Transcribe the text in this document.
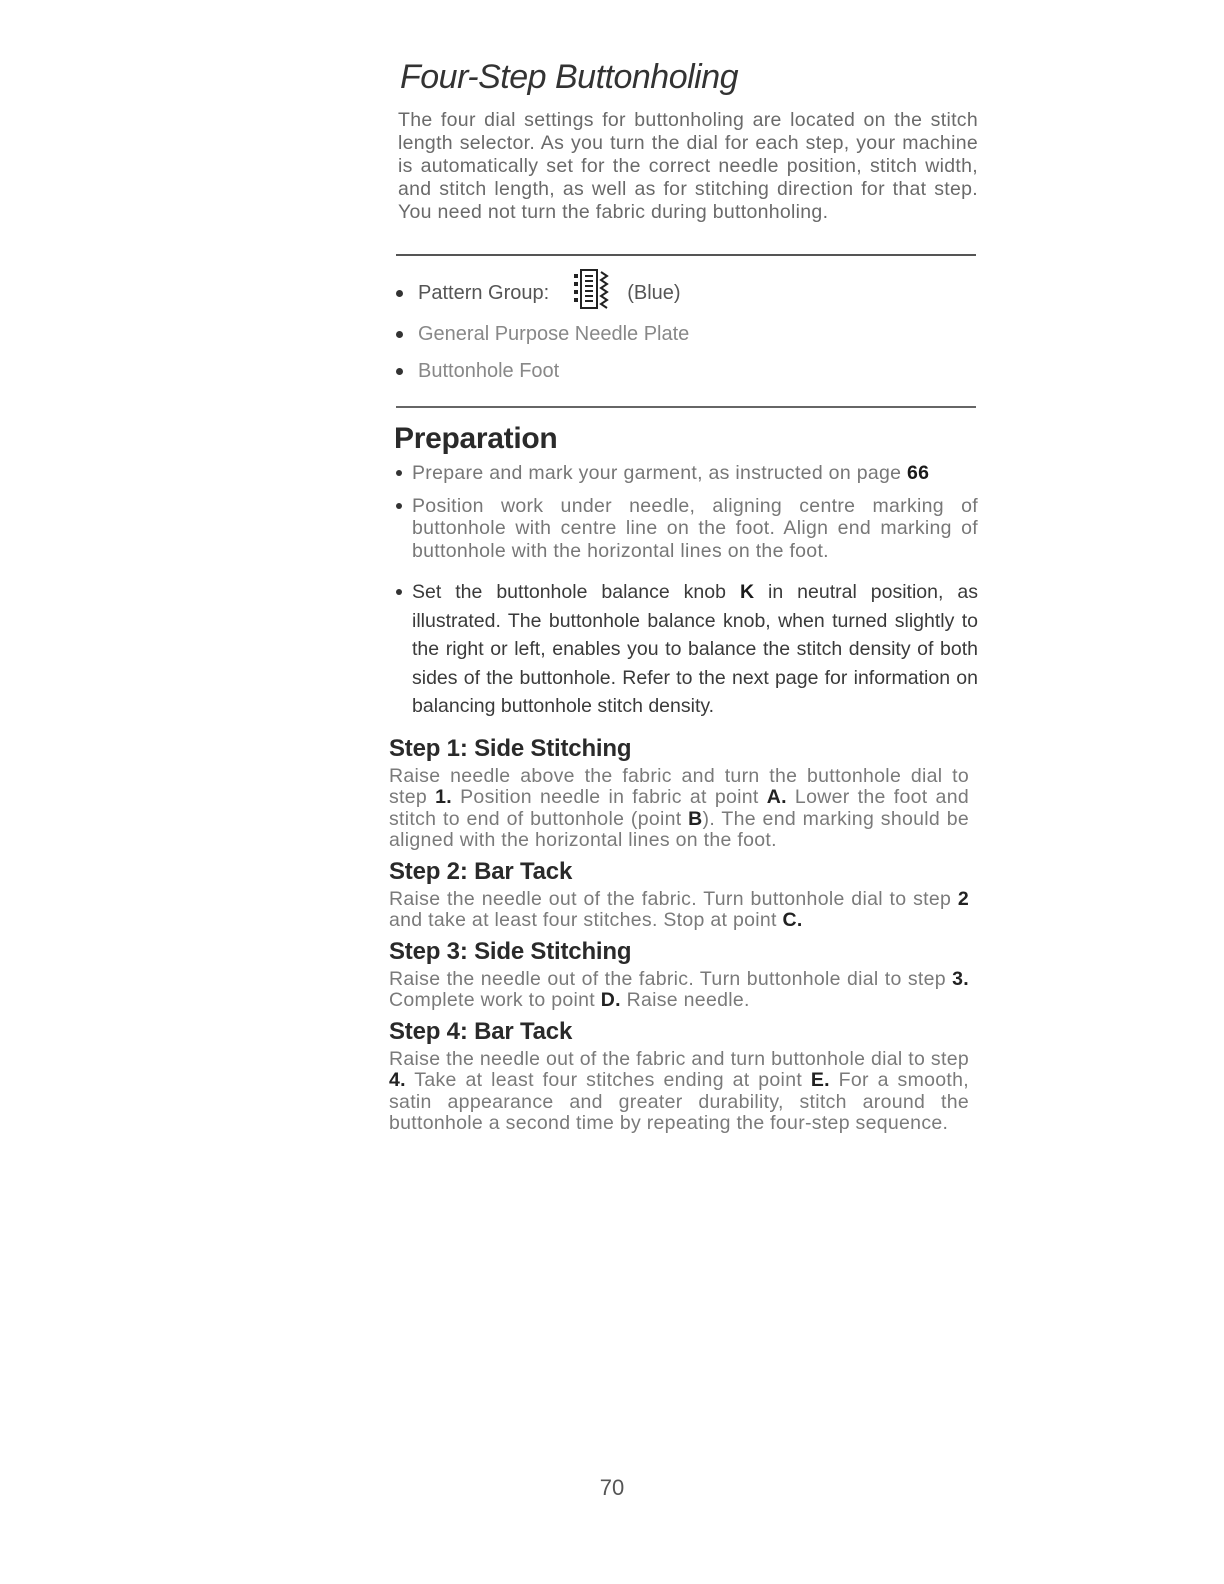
Four-Step Buttonholing

The four dial settings for buttonholing are located on the stitch length selector. As you turn the dial for each step, your machine is automatically set for the correct needle position, stitch width, and stitch length, as well as for stitching direction for that step. You need not turn the fabric during buttonholing.

Pattern Group:	(Blue)
General Purpose Needle Plate
Buttonhole Foot
Preparation
Prepare and mark your garment, as instructed on page 66
Position work under needle, aligning centre marking of buttonhole with centre line on the foot. Align end marking of buttonhole with the horizontal lines on the foot.
Set the buttonhole balance knob K in neutral position, as illustrated. The buttonhole balance knob, when turned slightly to the right or left, enables you to balance the stitch density of both sides of the buttonhole. Refer to the next page for information on balancing buttonhole stitch density.
Step 1: Side Stitching

Raise needle above the fabric and turn the buttonhole dial to step 1. Position needle in fabric at point A. Lower the foot and stitch to end of buttonhole (point B). The end marking should be aligned with the horizontal lines on the foot.

Step 2: Bar Tack

Raise the needle out of the fabric. Turn buttonhole dial to step 2 and take at least four stitches. Stop at point C.

Step 3: Side Stitching

Raise the needle out of the fabric. Turn buttonhole dial to step 3. Complete work to point D. Raise needle.

Step 4: Bar Tack

Raise the needle out of the fabric and turn buttonhole dial to step 4. Take at least four stitches ending at point E. For a smooth, satin appearance and greater durability, stitch around the buttonhole a second time by repeating the four-step sequence.

70
